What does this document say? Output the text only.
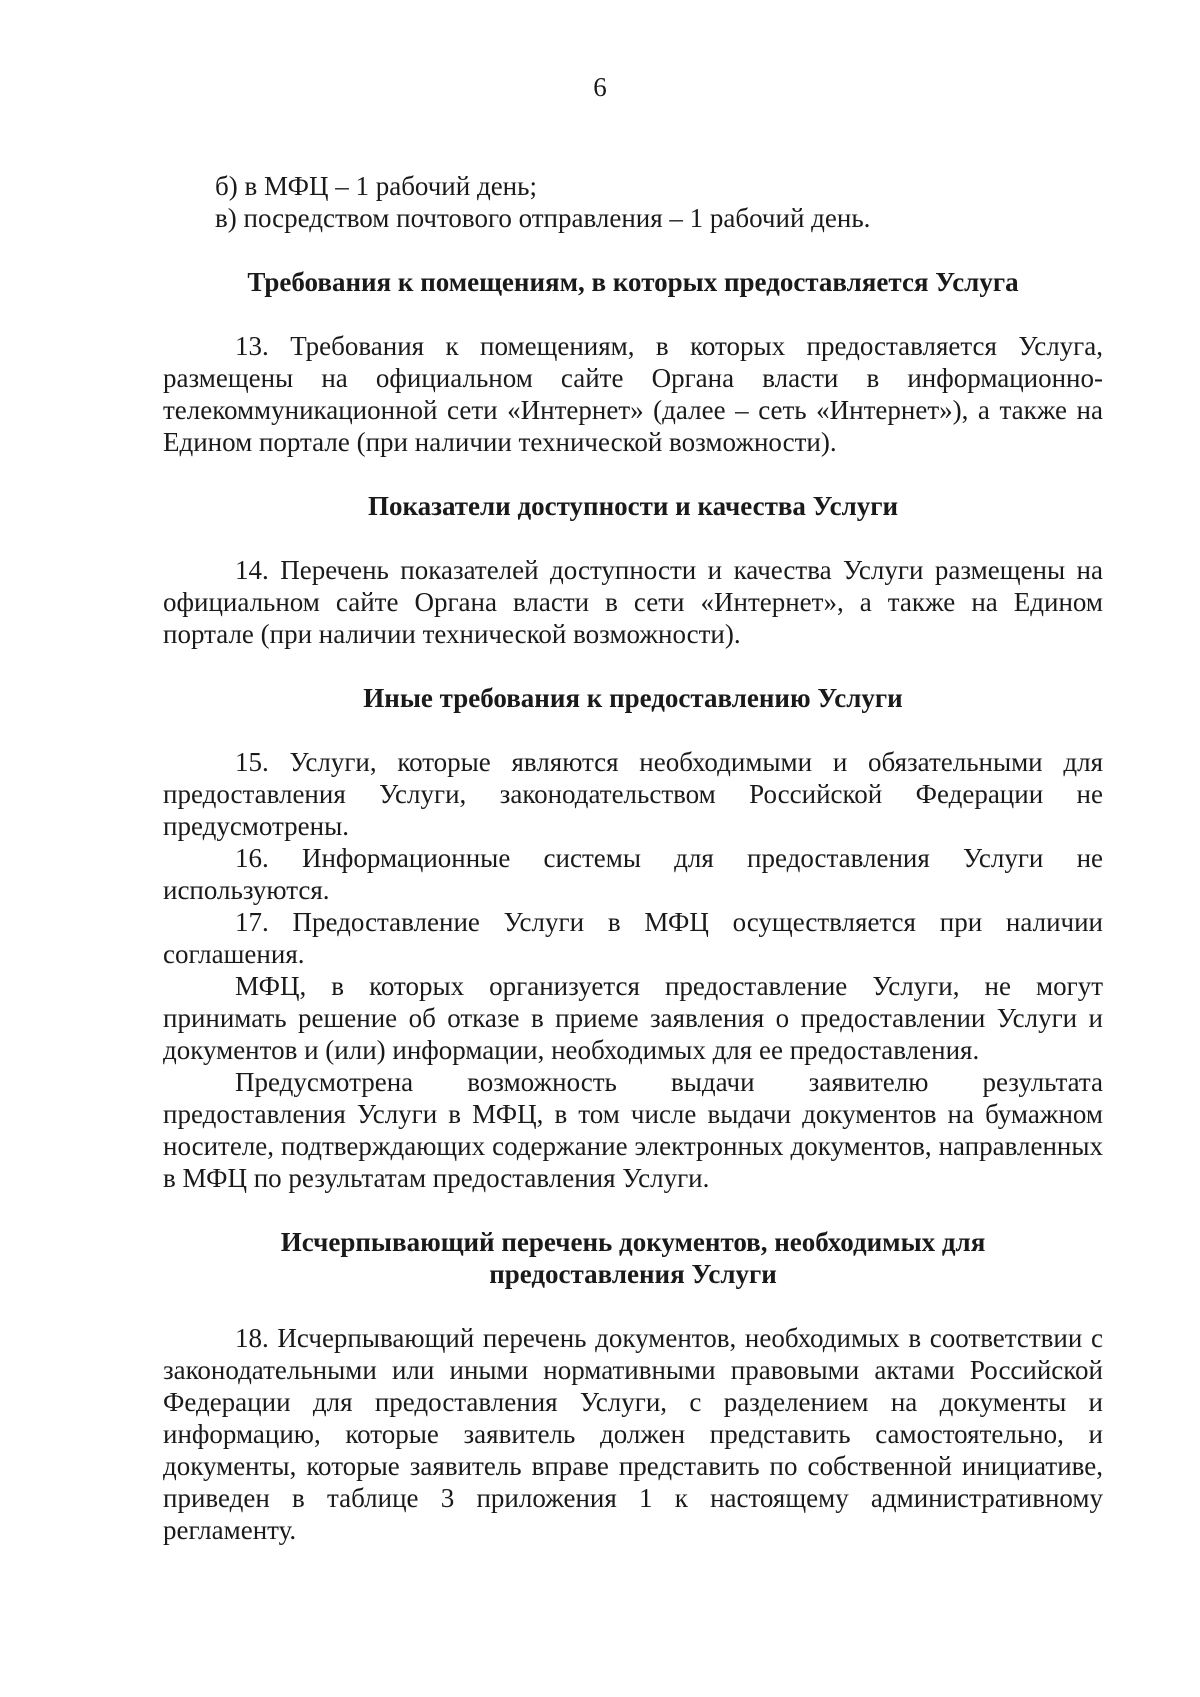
6

б) в МФЦ – 1 рабочий день;

в) посредством почтового отправления – 1 рабочий день.

Требования к помещениям, в которых предоставляется Услуга

13. Требования к помещениям, в которых предоставляется Услуга, размещены на официальном сайте Органа власти в информационно-телекоммуникационной сети «Интернет» (далее – сеть «Интернет»), а также на Едином портале (при наличии технической возможности).

Показатели доступности и качества Услуги

14. Перечень показателей доступности и качества Услуги размещены на официальном сайте Органа власти в сети «Интернет», а также на Едином портале (при наличии технической возможности).

Иные требования к предоставлению Услуги

15. Услуги, которые являются необходимыми и обязательными для предоставления Услуги, законодательством Российской Федерации не предусмотрены.

16. Информационные системы для предоставления Услуги не используются.

17. Предоставление Услуги в МФЦ осуществляется при наличии соглашения.

МФЦ, в которых организуется предоставление Услуги, не могут принимать решение об отказе в приеме заявления о предоставлении Услуги и документов и (или) информации, необходимых для ее предоставления.

Предусмотрена возможность выдачи заявителю результата предоставления Услуги в МФЦ, в том числе выдачи документов на бумажном носителе, подтверждающих содержание электронных документов, направленных в МФЦ по результатам предоставления Услуги.

Исчерпывающий перечень документов, необходимых для
предоставления Услуги

18. Исчерпывающий перечень документов, необходимых в соответствии с законодательными или иными нормативными правовыми актами Российской Федерации для предоставления Услуги, с разделением на документы и информацию, которые заявитель должен представить самостоятельно, и документы, которые заявитель вправе представить по собственной инициативе, приведен в таблице 3 приложения 1 к настоящему административному регламенту.
